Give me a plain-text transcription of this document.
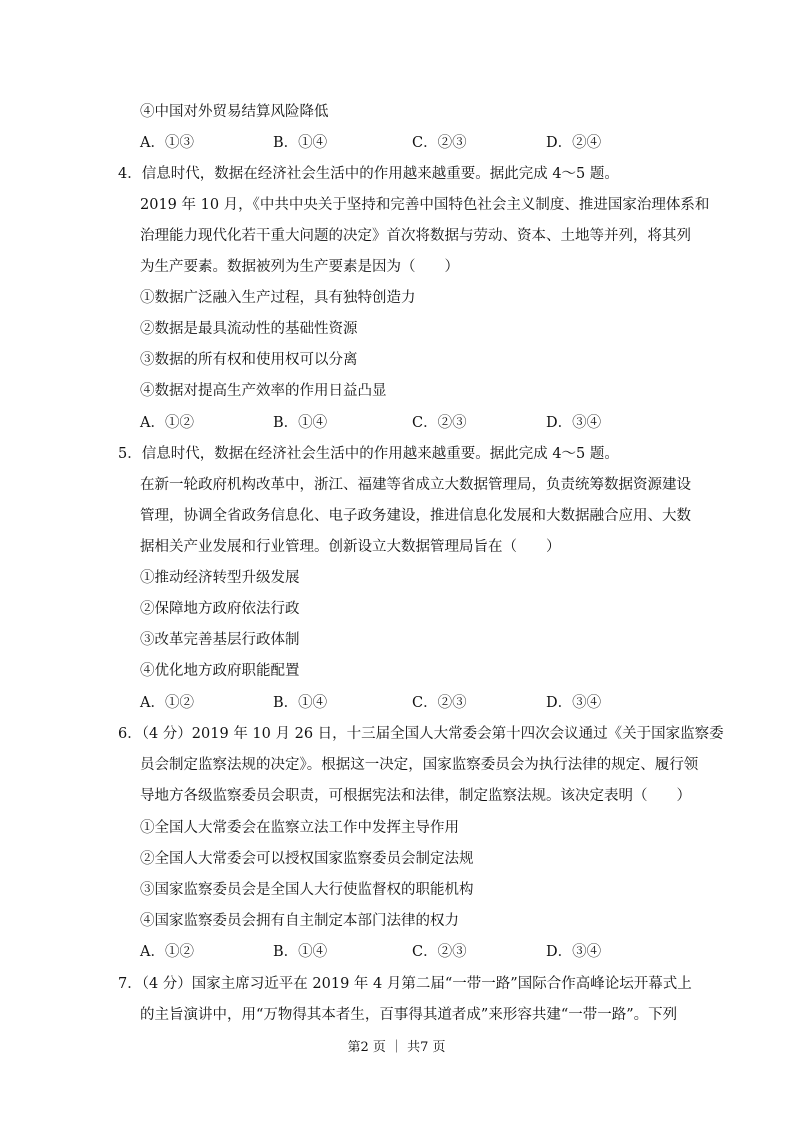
④中国对外贸易结算风险降低
A．①③	B．①④	C．②③	D．②④
4．信息时代，数据在经济社会生活中的作用越来越重要。据此完成 4～5 题。
2019 年 10 月，《中共中央关于坚持和完善中国特色社会主义制度、推进国家治理体系和
治理能力现代化若干重大问题的决定》首次将数据与劳动、资本、土地等并列，将其列
为生产要素。数据被列为生产要素是因为（　　）
①数据广泛融入生产过程，具有独特创造力
②数据是最具流动性的基础性资源
③数据的所有权和使用权可以分离
④数据对提高生产效率的作用日益凸显
A．①②	B．①④	C．②③	D．③④
5．信息时代，数据在经济社会生活中的作用越来越重要。据此完成 4～5 题。
在新一轮政府机构改革中，浙江、福建等省成立大数据管理局，负责统筹数据资源建设
管理，协调全省政务信息化、电子政务建设，推进信息化发展和大数据融合应用、大数
据相关产业发展和行业管理。创新设立大数据管理局旨在（　　）
①推动经济转型升级发展
②保障地方政府依法行政
③改革完善基层行政体制
④优化地方政府职能配置
A．①②	B．①④	C．②③	D．③④
6．（4 分）2019 年 10 月 26 日，十三届全国人大常委会第十四次会议通过《关于国家监察委
员会制定监察法规的决定》。根据这一决定，国家监察委员会为执行法律的规定、履行领
导地方各级监察委员会职责，可根据宪法和法律，制定监察法规。该决定表明（　　）
①全国人大常委会在监察立法工作中发挥主导作用
②全国人大常委会可以授权国家监察委员会制定法规
③国家监察委员会是全国人大行使监督权的职能机构
④国家监察委员会拥有自主制定本部门法律的权力
A．①②	B．①④	C．②③	D．③④
7．（4 分）国家主席习近平在 2019 年 4 月第二届“一带一路”国际合作高峰论坛开幕式上
的主旨演讲中，用“万物得其本者生，百事得其道者成”来形容共建“一带一路”。下列
第2 页 ｜ 共7 页
